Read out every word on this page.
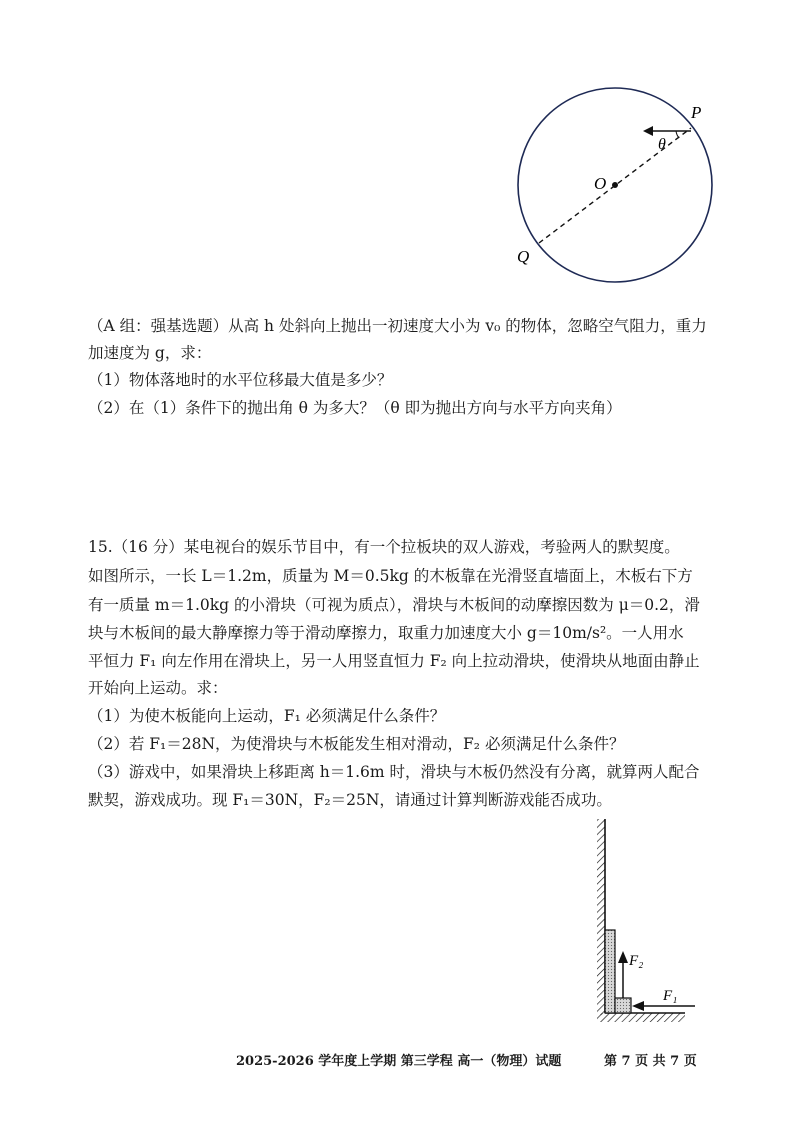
P
O
Q
θ
（A 组：强基选题）从高 h 处斜向上抛出一初速度大小为 v₀ 的物体，忽略空气阻力，重力
加速度为 g，求：
（1）物体落地时的水平位移最大值是多少？
（2）在（1）条件下的抛出角 θ 为多大？（θ 即为抛出方向与水平方向夹角）
15.（16 分）某电视台的娱乐节目中，有一个拉板块的双人游戏，考验两人的默契度。
如图所示，一长 L＝1.2m，质量为 M＝0.5kg 的木板靠在光滑竖直墙面上，木板右下方
有一质量 m＝1.0kg 的小滑块（可视为质点），滑块与木板间的动摩擦因数为 μ＝0.2，滑
块与木板间的最大静摩擦力等于滑动摩擦力，取重力加速度大小 g＝10m/s²。一人用水
平恒力 F₁ 向左作用在滑块上，另一人用竖直恒力 F₂ 向上拉动滑块，使滑块从地面由静止
开始向上运动。求：
（1）为使木板能向上运动，F₁ 必须满足什么条件？
（2）若 F₁＝28N，为使滑块与木板能发生相对滑动，F₂ 必须满足什么条件？
（3）游戏中，如果滑块上移距离 h＝1.6m 时，滑块与木板仍然没有分离，就算两人配合
默契，游戏成功。现 F₁＝30N，F₂＝25N，请通过计算判断游戏能否成功。
F₂
F₁
2025-2026 学年度上学期 第三学程 高一（物理）试题	第 7 页 共 7 页
